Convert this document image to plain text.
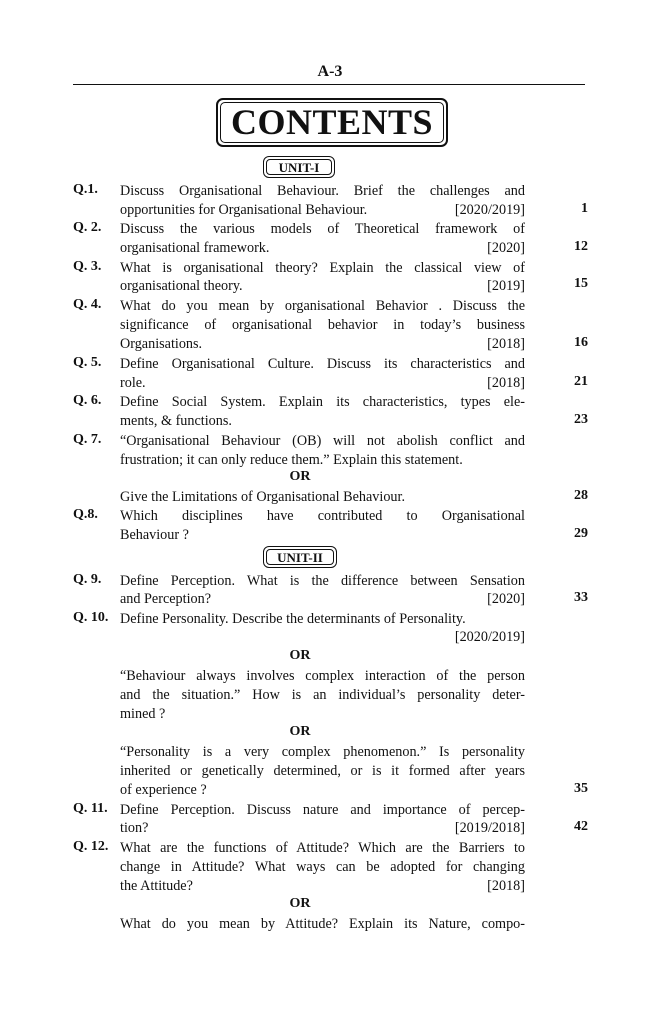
A-3
CONTENTS
UNIT-I
Q.1. Discuss Organisational Behaviour. Brief the challenges and
opportunities for Organisational Behaviour.	[2020/2019]	1
Q. 2. Discuss the various models of Theoretical framework of
organisational framework.	[2020]	12
Q. 3. What is organisational theory? Explain the classical view of
organisational theory.	[2019]	15
Q. 4. What do you mean by organisational Behavior . Discuss the
significance of organisational behavior in today’s business
Organisations.	[2018]	16
Q. 5. Define Organisational Culture. Discuss its characteristics and
role.	[2018]	21
Q. 6. Define Social System. Explain its characteristics, types ele-
ments, & functions.	23
Q. 7. “Organisational Behaviour (OB) will not abolish conflict and
frustration; it can only reduce them.” Explain this statement.
OR
Give the Limitations of Organisational Behaviour.	28
Q.8. Which disciplines have contributed to Organisational
Behaviour ?	29
UNIT-II
Q. 9. Define Perception. What is the difference between Sensation
and Perception?	[2020]	33
Q. 10. Define Personality. Describe the determinants of Personality.
[2020/2019]
OR
“Behaviour always involves complex interaction of the person
and the situation.” How is an individual’s personality deter-
mined ?
OR
“Personality is a very complex phenomenon.” Is personality
inherited or genetically determined, or is it formed after years
of experience ?	35
Q. 11. Define Perception. Discuss nature and importance of percep-
tion?	[2019/2018]	42
Q. 12. What are the functions of Attitude? Which are the Barriers to
change in Attitude? What ways can be adopted for changing
the Attitude?	[2018]
OR
What do you mean by Attitude? Explain its Nature, compo-
